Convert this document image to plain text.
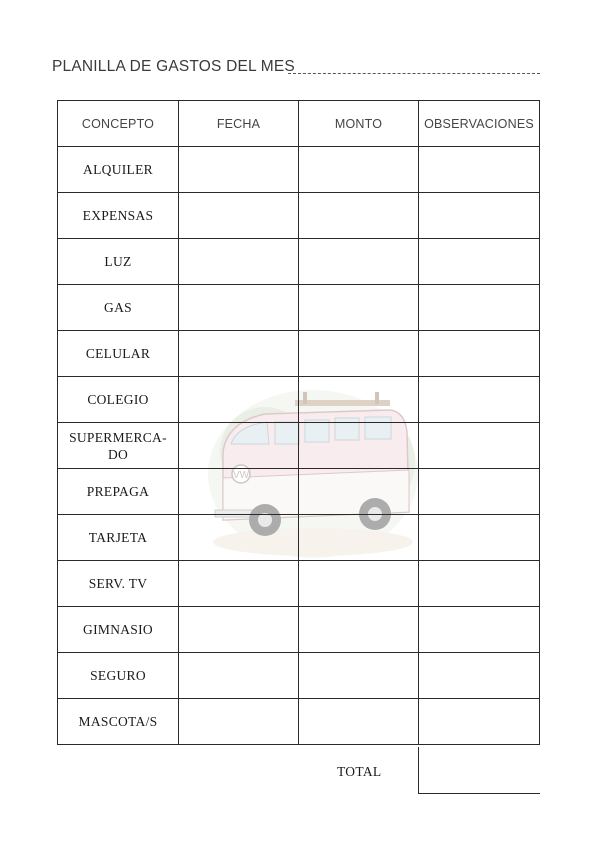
PLANILLA DE GASTOS DEL MES
VW
CONCEPTO	FECHA	MONTO	OBSERVACIONES
ALQUILER			
EXPENSAS			
LUZ			
GAS			
CELULAR			
COLEGIO			
SUPERMERCA-
DO			
PREPAGA			
TARJETA			
SERV. TV			
GIMNASIO			
SEGURO			
MASCOTA/S			
TOTAL
